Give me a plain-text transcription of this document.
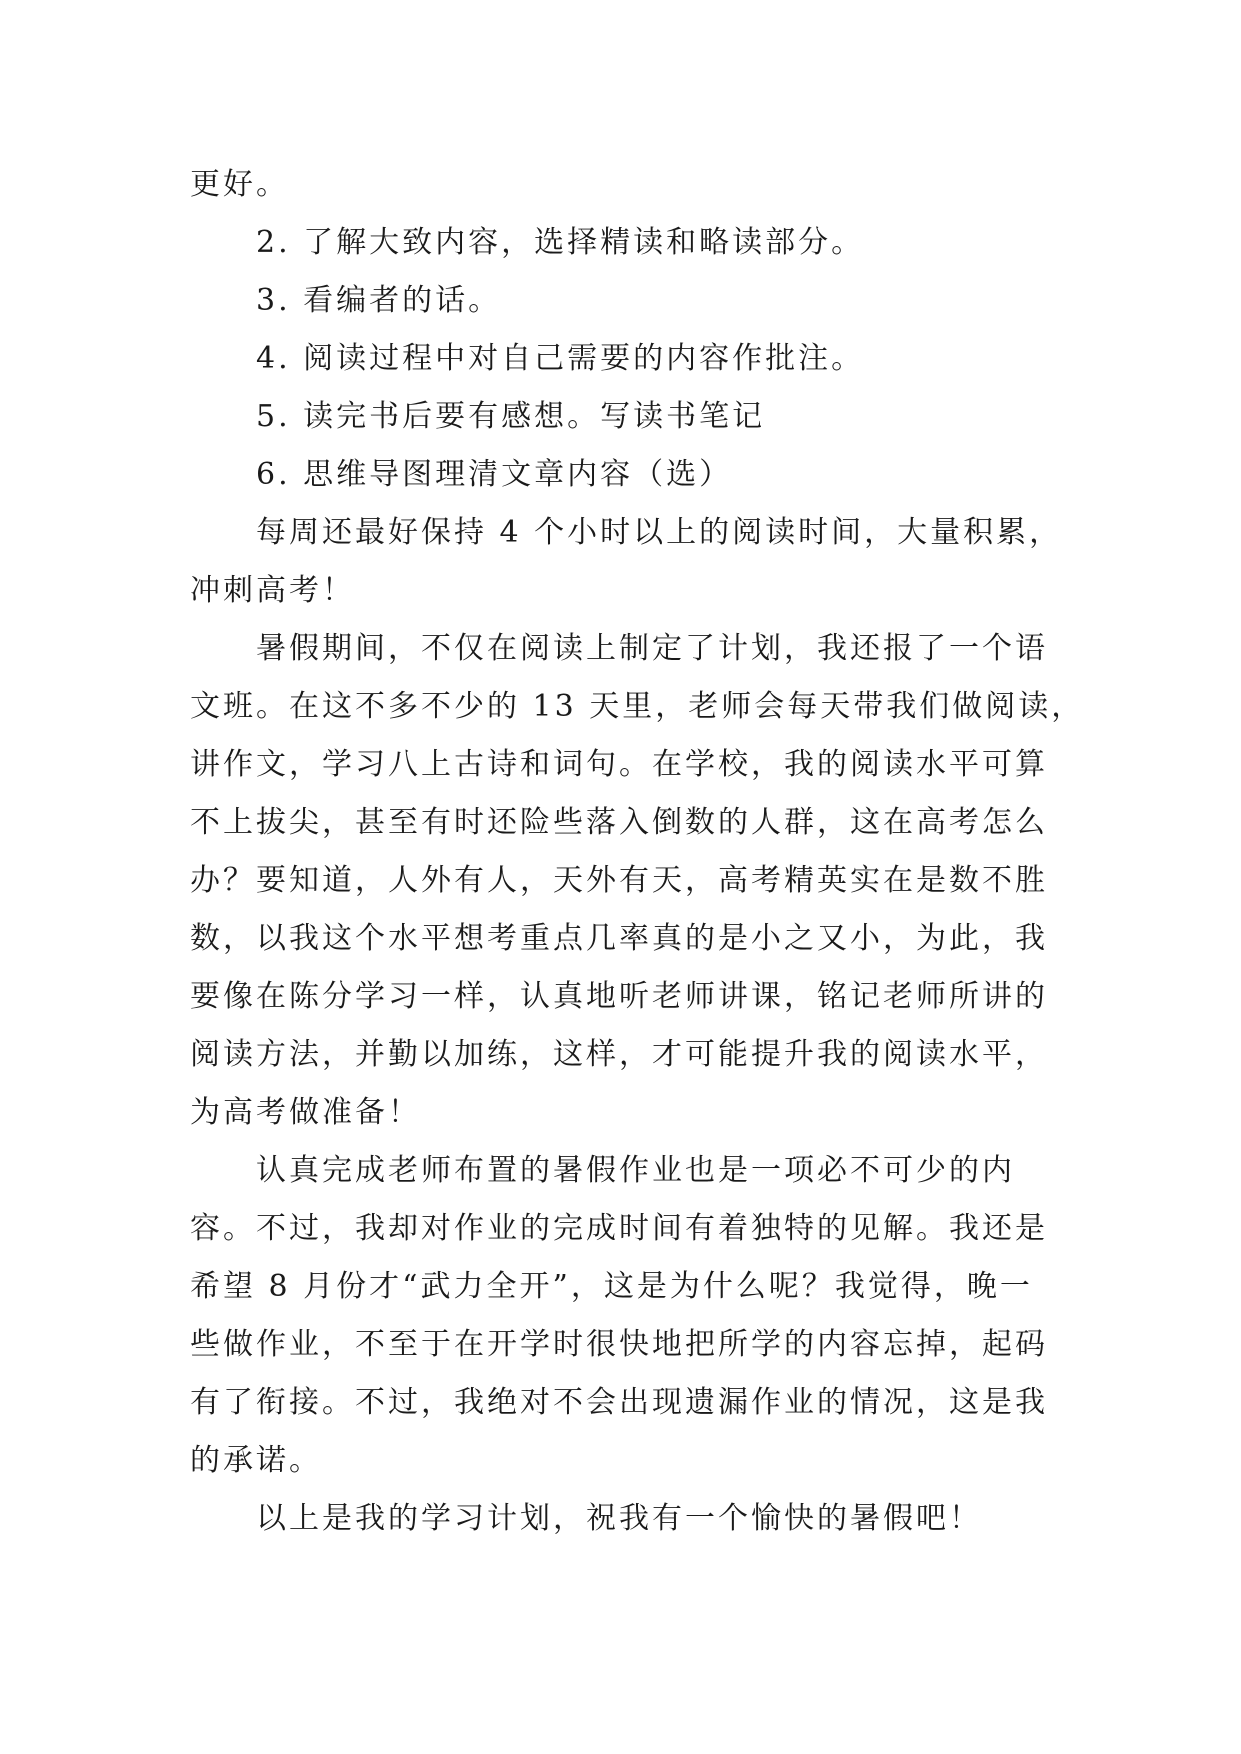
更好。
2. 了解大致内容，选择精读和略读部分。
3. 看编者的话。
4. 阅读过程中对自己需要的内容作批注。
5. 读完书后要有感想。写读书笔记
6. 思维导图理清文章内容（选）
每周还最好保持 4 个小时以上的阅读时间，大量积累，
冲刺高考！
暑假期间，不仅在阅读上制定了计划，我还报了一个语
文班。在这不多不少的 13 天里，老师会每天带我们做阅读，
讲作文，学习八上古诗和词句。在学校，我的阅读水平可算
不上拔尖，甚至有时还险些落入倒数的人群，这在高考怎么
办？要知道，人外有人，天外有天，高考精英实在是数不胜
数，以我这个水平想考重点几率真的是小之又小，为此，我
要像在陈分学习一样，认真地听老师讲课，铭记老师所讲的
阅读方法，并勤以加练，这样，才可能提升我的阅读水平，
为高考做准备！
认真完成老师布置的暑假作业也是一项必不可少的内
容。不过，我却对作业的完成时间有着独特的见解。我还是
希望 8 月份才“武力全开”，这是为什么呢？我觉得，晚一
些做作业，不至于在开学时很快地把所学的内容忘掉，起码
有了衔接。不过，我绝对不会出现遗漏作业的情况，这是我
的承诺。
以上是我的学习计划，祝我有一个愉快的暑假吧！
